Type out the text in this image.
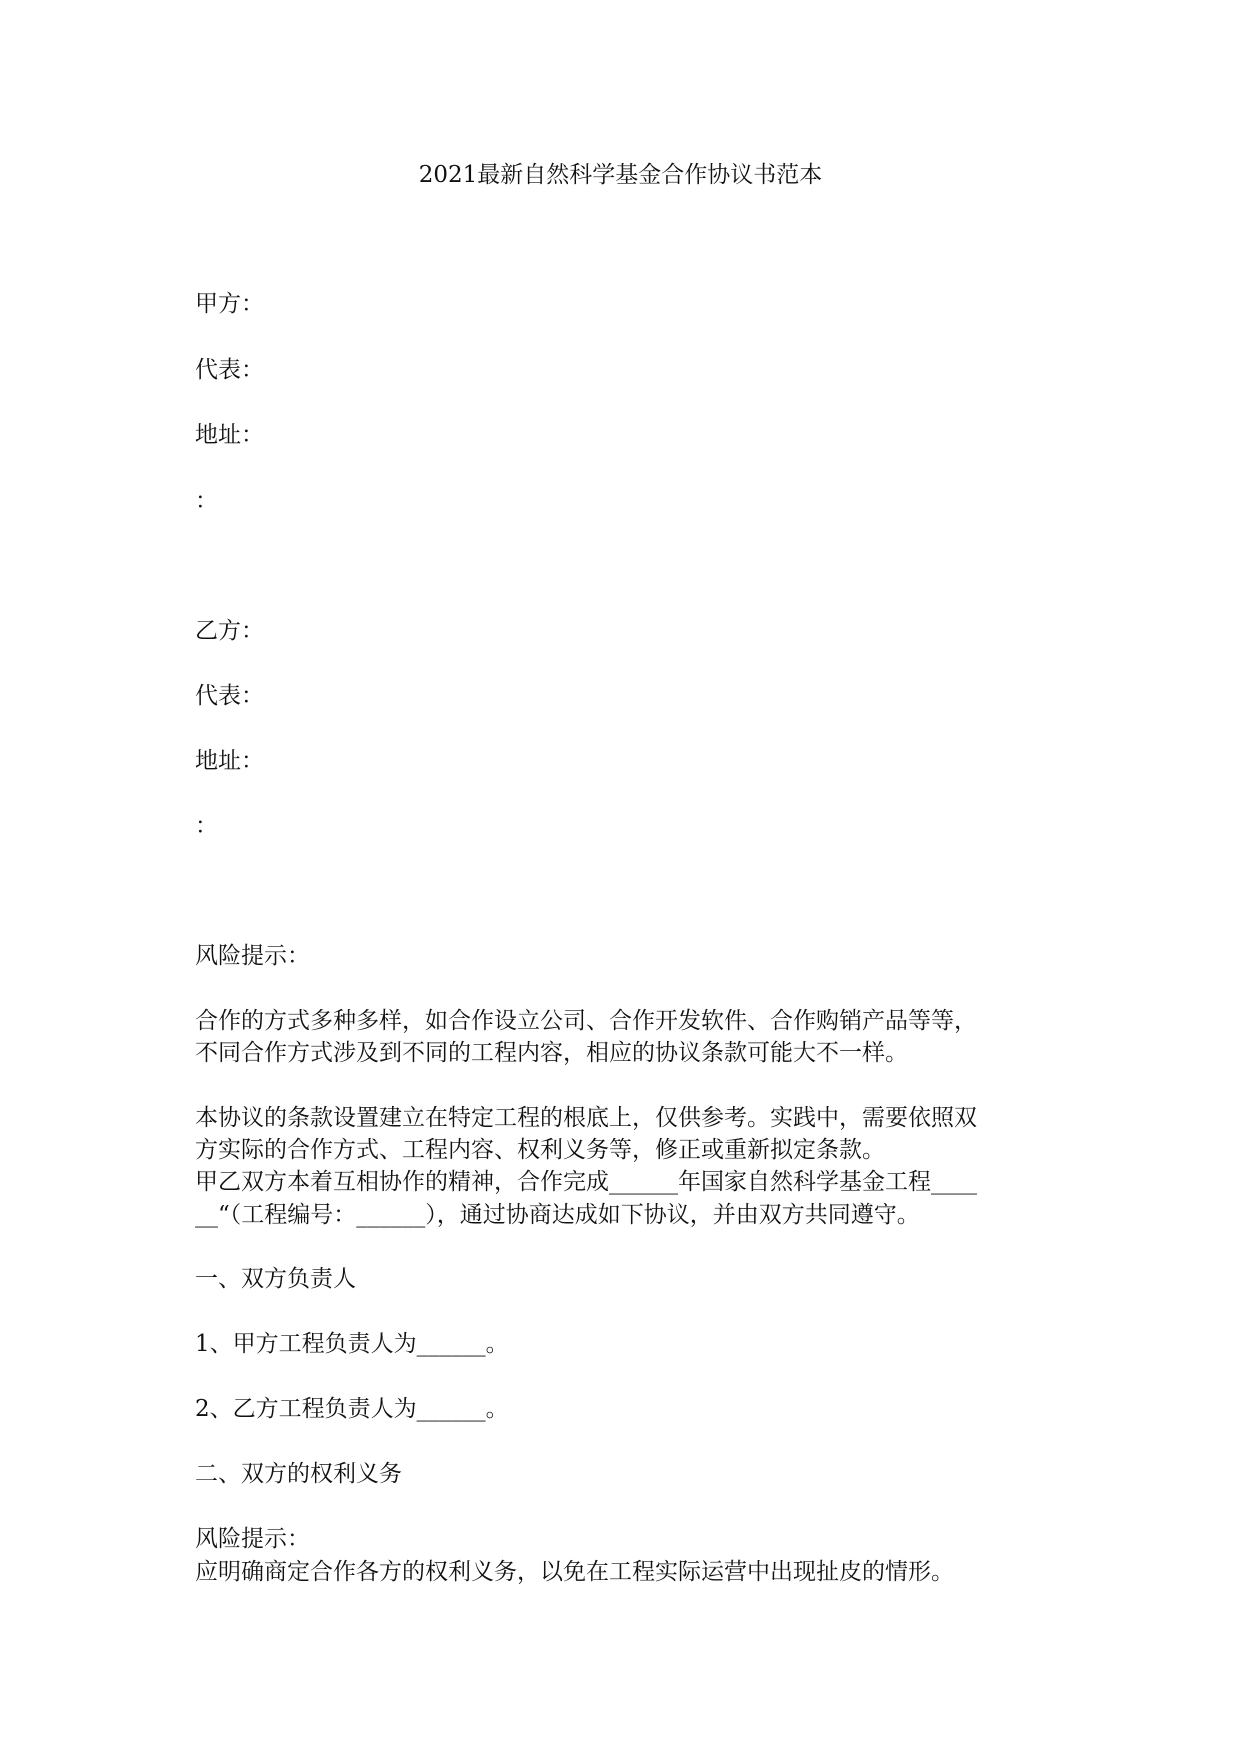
2021最新自然科学基金合作协议书范本
甲方：
代表：
地址：
：
乙方：
代表：
地址：
：
风险提示：
合作的方式多种多样，如合作设立公司、合作开发软件、合作购销产品等等，
不同合作方式涉及到不同的工程内容，相应的协议条款可能大不一样。
本协议的条款设置建立在特定工程的根底上，仅供参考。实践中，需要依照双
方实际的合作方式、工程内容、权利义务等，修正或重新拟定条款。
甲乙双方本着互相协作的精神，合作完成______年国家自然科学基金工程____
__“（工程编号：______），通过协商达成如下协议，并由双方共同遵守。
一、双方负责人
1、甲方工程负责人为______。
2、乙方工程负责人为______。
二、双方的权利义务
风险提示：
应明确商定合作各方的权利义务，以免在工程实际运营中出现扯皮的情形。
